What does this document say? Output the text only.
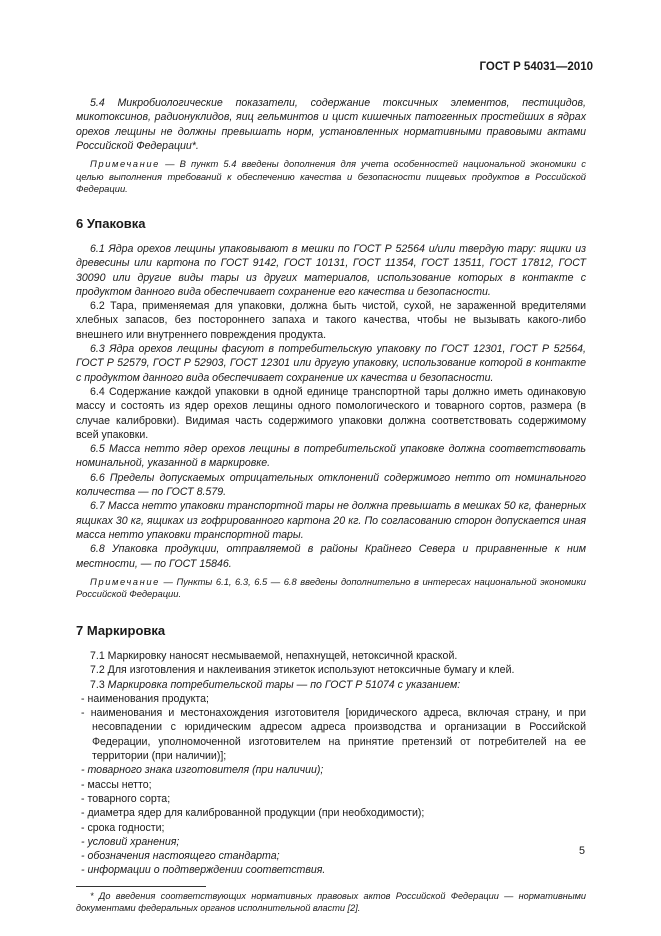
ГОСТ Р 54031—2010

5.4 Микробиологические показатели, содержание токсичных элементов, пестицидов, микотоксинов, радионуклидов, яиц гельминтов и цист кишечных патогенных простейших в ядрах орехов лещины не должны превышать норм, установленных нормативными правовыми актами Российской Федерации*.

Примечание — В пункт 5.4 введены дополнения для учета особенностей национальной экономики с целью выполнения требований к обеспечению качества и безопасности пищевых продуктов в Российской Федерации.

6 Упаковка

6.1 Ядра орехов лещины упаковывают в мешки по ГОСТ Р 52564 и/или твердую тару: ящики из древесины или картона по ГОСТ 9142, ГОСТ 10131, ГОСТ 11354, ГОСТ 13511, ГОСТ 17812, ГОСТ 30090 или другие виды тары из других материалов, использование которых в контакте с продуктом данного вида обеспечивает сохранение его качества и безопасности.

6.2 Тара, применяемая для упаковки, должна быть чистой, сухой, не зараженной вредителями хлебных запасов, без постороннего запаха и такого качества, чтобы не вызывать какого-либо внешнего или внутреннего повреждения продукта.

6.3 Ядра орехов лещины фасуют в потребительскую упаковку по ГОСТ 12301, ГОСТ Р 52564, ГОСТ Р 52579, ГОСТ Р 52903, ГОСТ 12301 или другую упаковку, использование которой в контакте с продуктом данного вида обеспечивает сохранение их качества и безопасности.

6.4 Содержание каждой упаковки в одной единице транспортной тары должно иметь одинаковую массу и состоять из ядер орехов лещины одного помологического и товарного сортов, размера (в случае калибровки). Видимая часть содержимого упаковки должна соответствовать содержимому всей упаковки.

6.5 Масса нетто ядер орехов лещины в потребительской упаковке должна соответствовать номинальной, указанной в маркировке.

6.6 Пределы допускаемых отрицательных отклонений содержимого нетто от номинального количества — по ГОСТ 8.579.

6.7 Масса нетто упаковки транспортной тары не должна превышать в мешках 50 кг, фанерных ящиках 30 кг, ящиках из гофрированного картона 20 кг. По согласованию сторон допускается иная масса нетто упаковки транспортной тары.

6.8 Упаковка продукции, отправляемой в районы Крайнего Севера и приравненные к ним местности, — по ГОСТ 15846.

Примечание — Пункты 6.1, 6.3, 6.5 — 6.8 введены дополнительно в интересах национальной экономики Российской Федерации.

7 Маркировка

7.1 Маркировку наносят несмываемой, непахнущей, нетоксичной краской.

7.2 Для изготовления и наклеивания этикеток используют нетоксичные бумагу и клей.

7.3 Маркировка потребительской тары — по ГОСТ Р 51074 с указанием:

- наименования продукта;

- наименования и местонахождения изготовителя [юридического адреса, включая страну, и при несовпадении с юридическим адресом адреса производства и организации в Российской Федерации, уполномоченной изготовителем на принятие претензий от потребителей на ее территории (при наличии)];

- товарного знака изготовителя (при наличии);

- массы нетто;

- товарного сорта;

- диаметра ядер для калиброванной продукции (при необходимости);

- срока годности;

- условий хранения;

- обозначения настоящего стандарта;

- информации о подтверждении соответствия.

* До введения соответствующих нормативных правовых актов Российской Федерации — нормативными документами федеральных органов исполнительной власти [2].

5
